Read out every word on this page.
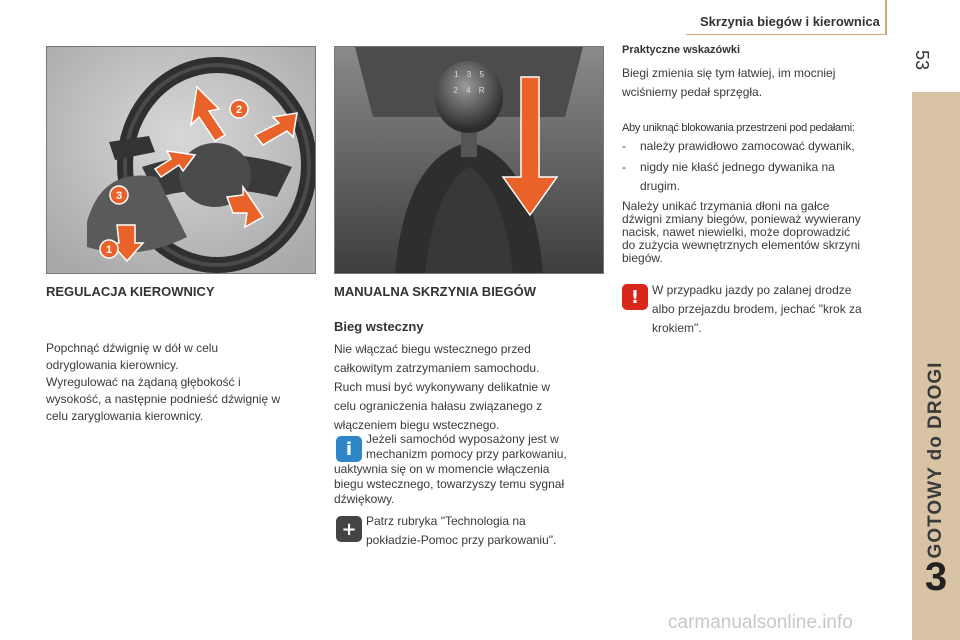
Skrzynia biegów i kierownica
53
GOTOWY do DROGI
3
1
2
3
1 3 5
2 4 R
REGULACJA KIEROWNICY
Popchnąć dźwignię w dół w celu
odryglowania kierownicy.
Wyregulować na żądaną głębokość i
wysokość, a następnie podnieść dźwignię w
celu zaryglowania kierownicy.
MANUALNA SKRZYNIA BIEGÓW
Bieg wsteczny
Nie włączać biegu wstecznego przed
całkowitym zatrzymaniem samochodu.
Ruch musi być wykonywany delikatnie w
celu ograniczenia hałasu związanego z
włączeniem biegu wstecznego.
i	Jeżeli samochód wyposażony jest w
mechanizm pomocy przy parkowaniu,
uaktywnia się on w momencie włączenia
biegu wstecznego, towarzyszy temu sygnał
dźwiękowy.
+ Patrz rubryka "Technologia na
pokładzie-Pomoc przy parkowaniu".
Praktyczne wskazówki
Biegi zmienia się tym łatwiej, im mocniej
wciśniemy pedał sprzęgła.
Aby uniknąć blokowania przestrzeni pod pedałami:
-	należy prawidłowo zamocować dywanik,
-	nigdy nie kłaść jednego dywanika na
drugim.
Należy unikać trzymania dłoni na gałce
dźwigni zmiany biegów, ponieważ wywierany
nacisk, nawet niewielki, może doprowadzić
do zużycia wewnętrznych elementów skrzyni
biegów.
!	W przypadku jazdy po zalanej drodze
albo przejazdu brodem, jechać "krok za
krokiem".
carmanualsonline.info
